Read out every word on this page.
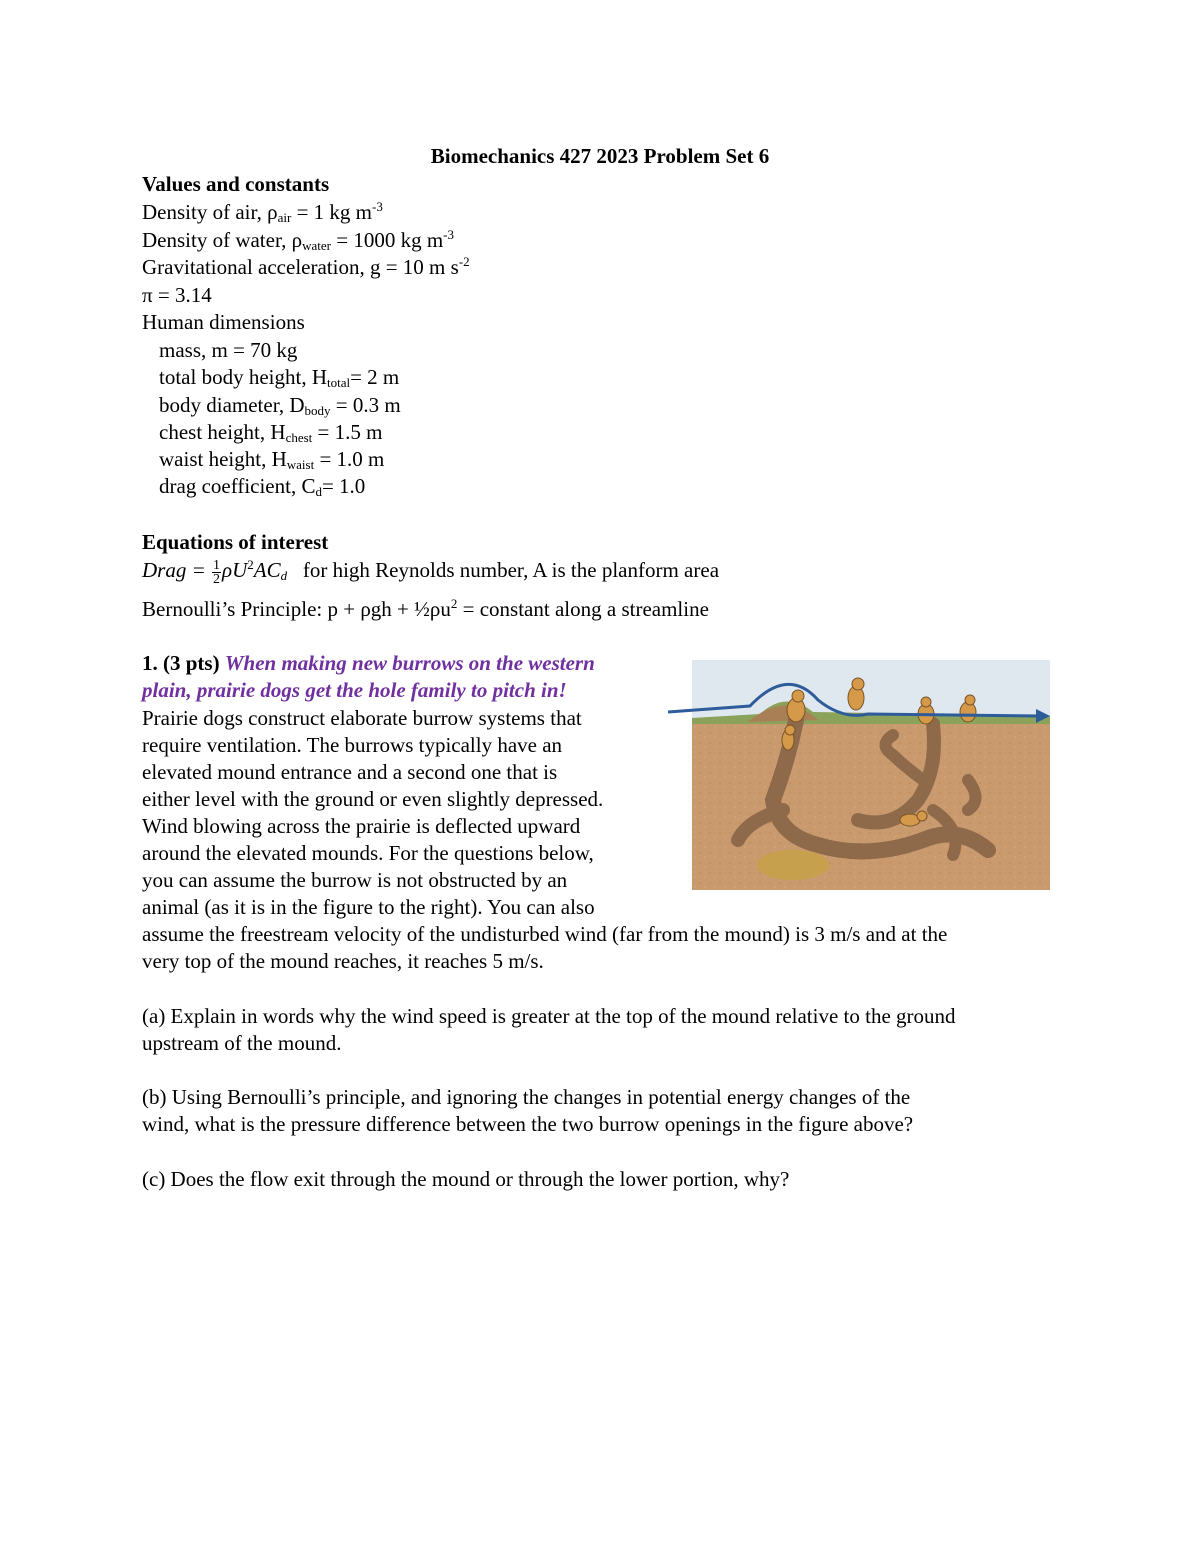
Biomechanics 427 2023 Problem Set 6
Values and constants
Density of air, $\rho_{air} = 1$ kg $m^{-3}$
Density of water, $\rho_{water} = 1000$ kg $m^{-3}$
Gravitational acceleration, g = 10 m $s^{-2}$
π = 3.14
Human dimensions
mass, m = 70 kg
total body height, $H_{total}= 2$ m
body diameter, $D_{body} = 0.3$ m
chest height, $H_{chest} = 1.5$ m
waist height, $H_{waist} = 1.0$ m
drag coefficient, $C_d= 1.0$
Equations of interest
Drag = $\frac{1}{2} \rho U^2AC_d$   for high Reynolds number, A is the planform area
Bernoulli’s Principle: $p + \rho gh + \frac{1}{2}\rho u^2$ = constant along a streamline
1. (3 pts) When making new burrows on the western
plain, prairie dogs get the hole family to pitch in!
Prairie dogs construct elaborate burrow systems that
require ventilation. The burrows typically have an
elevated mound entrance and a second one that is
either level with the ground or even slightly depressed.
Wind blowing across the prairie is deflected upward
around the elevated mounds. For the questions below,
you can assume the burrow is not obstructed by an
animal (as it is in the figure to the right). You can also
assume the freestream velocity of the undisturbed wind (far from the mound) is 3 m/s and at the
very top of the mound reaches, it reaches 5 m/s.
(a) Explain in words why the wind speed is greater at the top of the mound relative to the ground
upstream of the mound.
(b) Using Bernoulli’s principle, and ignoring the changes in potential energy changes of the
wind, what is the pressure difference between the two burrow openings in the figure above?
(c) Does the flow exit through the mound or through the lower portion, why?
